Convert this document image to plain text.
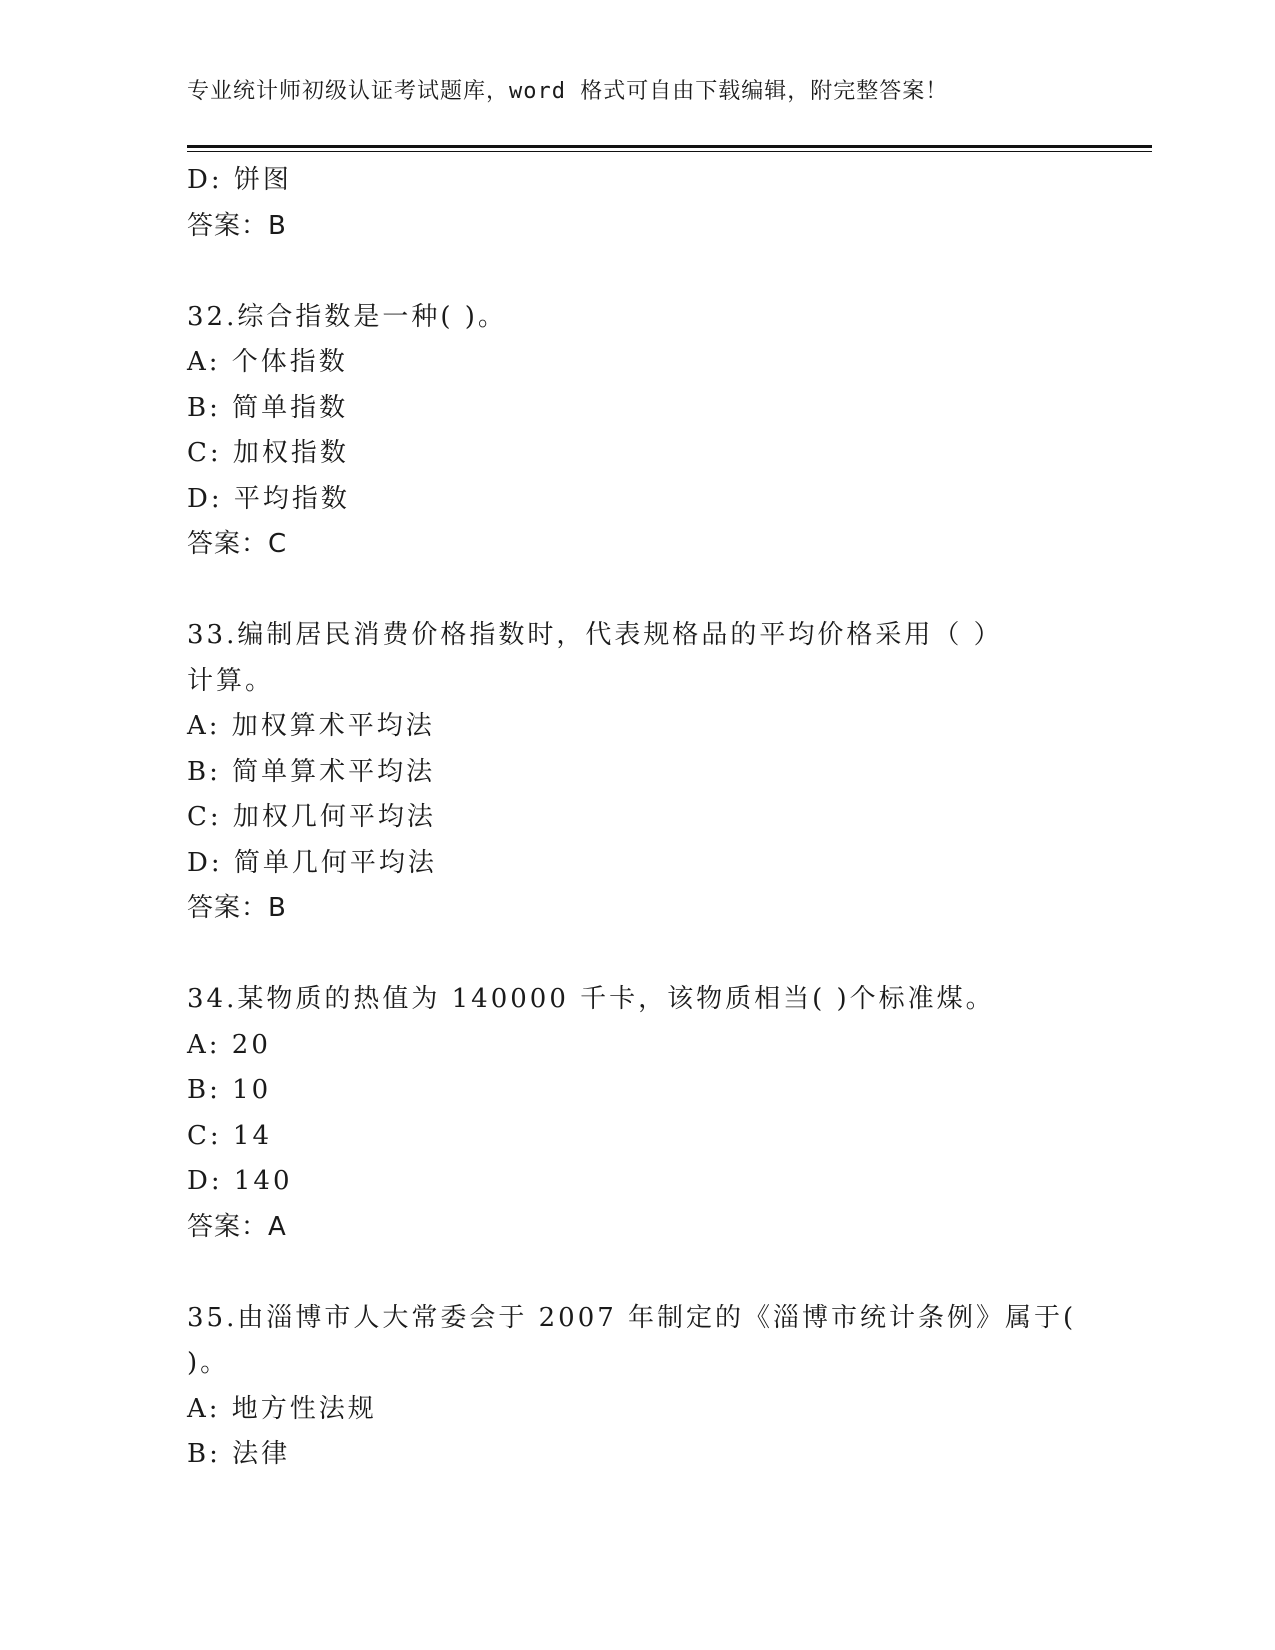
专业统计师初级认证考试题库，word 格式可自由下载编辑，附完整答案！
D: 饼图
答案：B
32.综合指数是一种( )。
A: 个体指数
B: 简单指数
C: 加权指数
D: 平均指数
答案：C
33.编制居民消费价格指数时，代表规格品的平均价格采用（ ）
计算。
A: 加权算术平均法
B: 简单算术平均法
C: 加权几何平均法
D: 简单几何平均法
答案：B
34.某物质的热值为 140000 千卡，该物质相当( )个标准煤。
A: 20
B: 10
C: 14
D: 140
答案：A
35.由淄博市人大常委会于 2007 年制定的《淄博市统计条例》属于(
)。
A: 地方性法规
B: 法律
